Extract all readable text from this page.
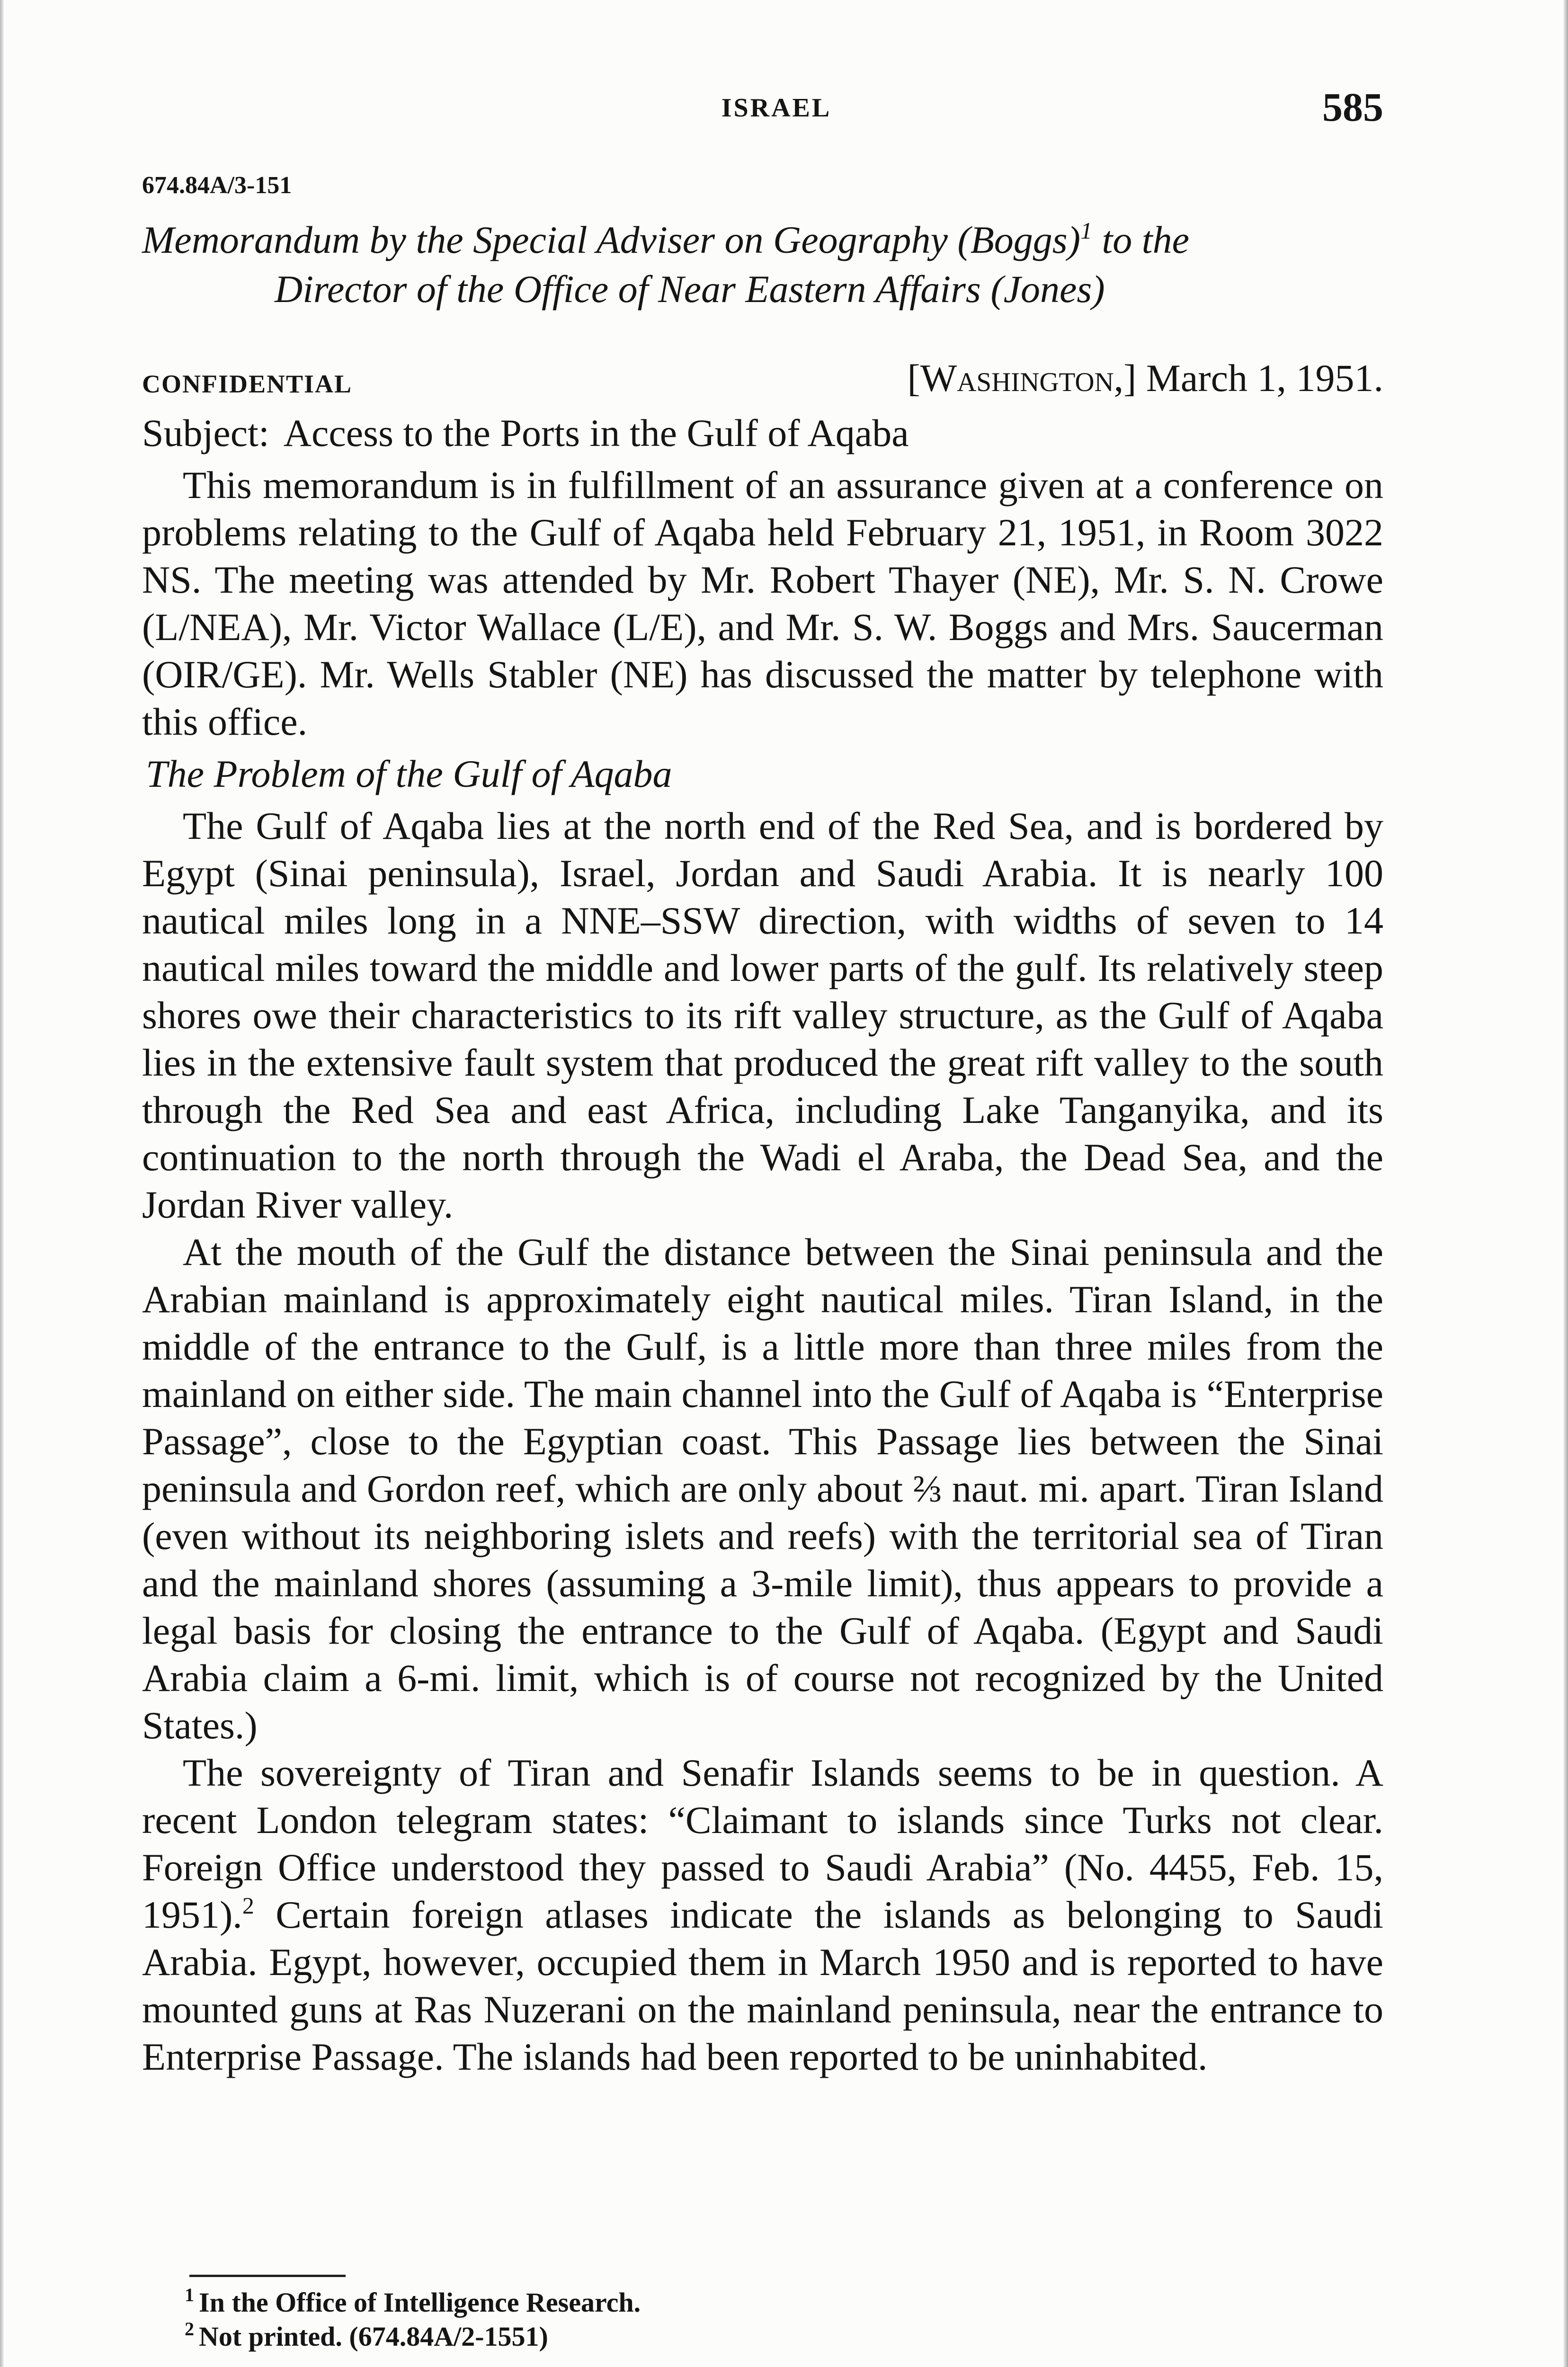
ISRAEL	585
674.84A/3-151
Memorandum by the Special Adviser on Geography (Boggs)$^1$ to the
Director of the Office of Near Eastern Affairs (Jones)
CONFIDENTIAL	[Washington,] March 1, 1951.
Subject: Access to the Ports in the Gulf of Aqaba

This memorandum is in fulfillment of an assurance given at a conference on problems relating to the Gulf of Aqaba held February 21, 1951, in Room 3022 NS. The meeting was attended by Mr. Robert Thayer (NE), Mr. S. N. Crowe (L/NEA), Mr. Victor Wallace (L/E), and Mr. S. W. Boggs and Mrs. Saucerman (OIR/GE). Mr. Wells Stabler (NE) has discussed the matter by telephone with this office.

The Problem of the Gulf of Aqaba

The Gulf of Aqaba lies at the north end of the Red Sea, and is bordered by Egypt (Sinai peninsula), Israel, Jordan and Saudi Arabia. It is nearly 100 nautical miles long in a NNE–SSW direction, with widths of seven to 14 nautical miles toward the middle and lower parts of the gulf. Its relatively steep shores owe their characteristics to its rift valley structure, as the Gulf of Aqaba lies in the extensive fault system that produced the great rift valley to the south through the Red Sea and east Africa, including Lake Tanganyika, and its continuation to the north through the Wadi el Araba, the Dead Sea, and the Jordan River valley.

At the mouth of the Gulf the distance between the Sinai peninsula and the Arabian mainland is approximately eight nautical miles. Tiran Island, in the middle of the entrance to the Gulf, is a little more than three miles from the mainland on either side. The main channel into the Gulf of Aqaba is “Enterprise Passage”, close to the Egyptian coast. This Passage lies between the Sinai peninsula and Gordon reef, which are only about ⅔ naut. mi. apart. Tiran Island (even without its neighboring islets and reefs) with the territorial sea of Tiran and the mainland shores (assuming a 3-mile limit), thus appears to provide a legal basis for closing the entrance to the Gulf of Aqaba. (Egypt and Saudi Arabia claim a 6-mi. limit, which is of course not recognized by the United States.)

The sovereignty of Tiran and Senafir Islands seems to be in question. A recent London telegram states: “Claimant to islands since Turks not clear. Foreign Office understood they passed to Saudi Arabia” (No. 4455, Feb. 15, 1951).$^2$ Certain foreign atlases indicate the islands as belonging to Saudi Arabia. Egypt, however, occupied them in March 1950 and is reported to have mounted guns at Ras Nuzerani on the mainland peninsula, near the entrance to Enterprise Passage. The islands had been reported to be uninhabited.

$^1$ In the Office of Intelligence Research.
$^2$ Not printed. (674.84A/2-1551)
